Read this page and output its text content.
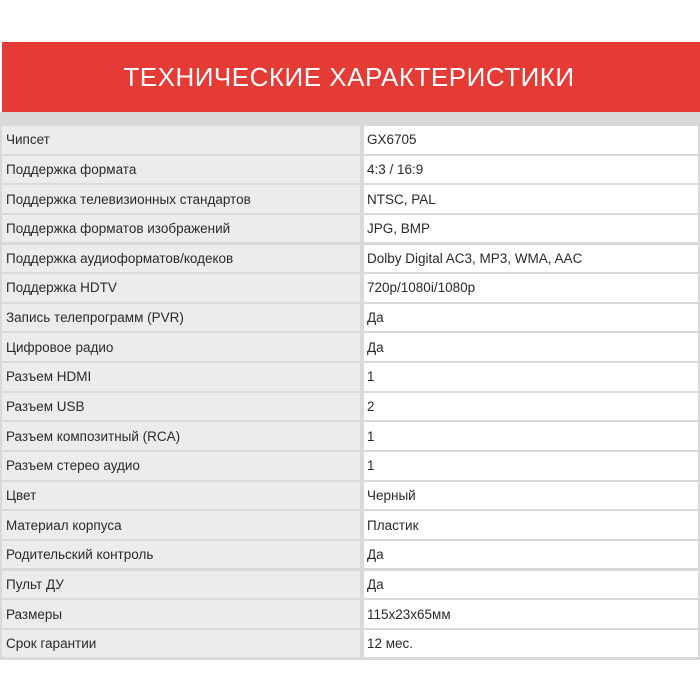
ТЕХНИЧЕСКИЕ ХАРАКТЕРИСТИКИ
Чипсет	GX6705
Поддержка формата	4:3 / 16:9
Поддержка телевизионных стандартов	NTSC, PAL
Поддержка форматов изображений	JPG, BMP
Поддержка аудиоформатов/кодеков	Dolby Digital AC3, MP3, WMA, AAC
Поддержка HDTV	720p/1080i/1080p
Запись телепрограмм (PVR)	Да
Цифровое радио	Да
Разъем HDMI	1
Разъем USB	2
Разъем композитный (RCA)	1
Разъем стерео аудио	1
Цвет	Черный
Материал корпуса	Пластик
Родительский контроль	Да
Пульт ДУ	Да
Размеры	115x23x65мм
Срок гарантии	12 мес.
